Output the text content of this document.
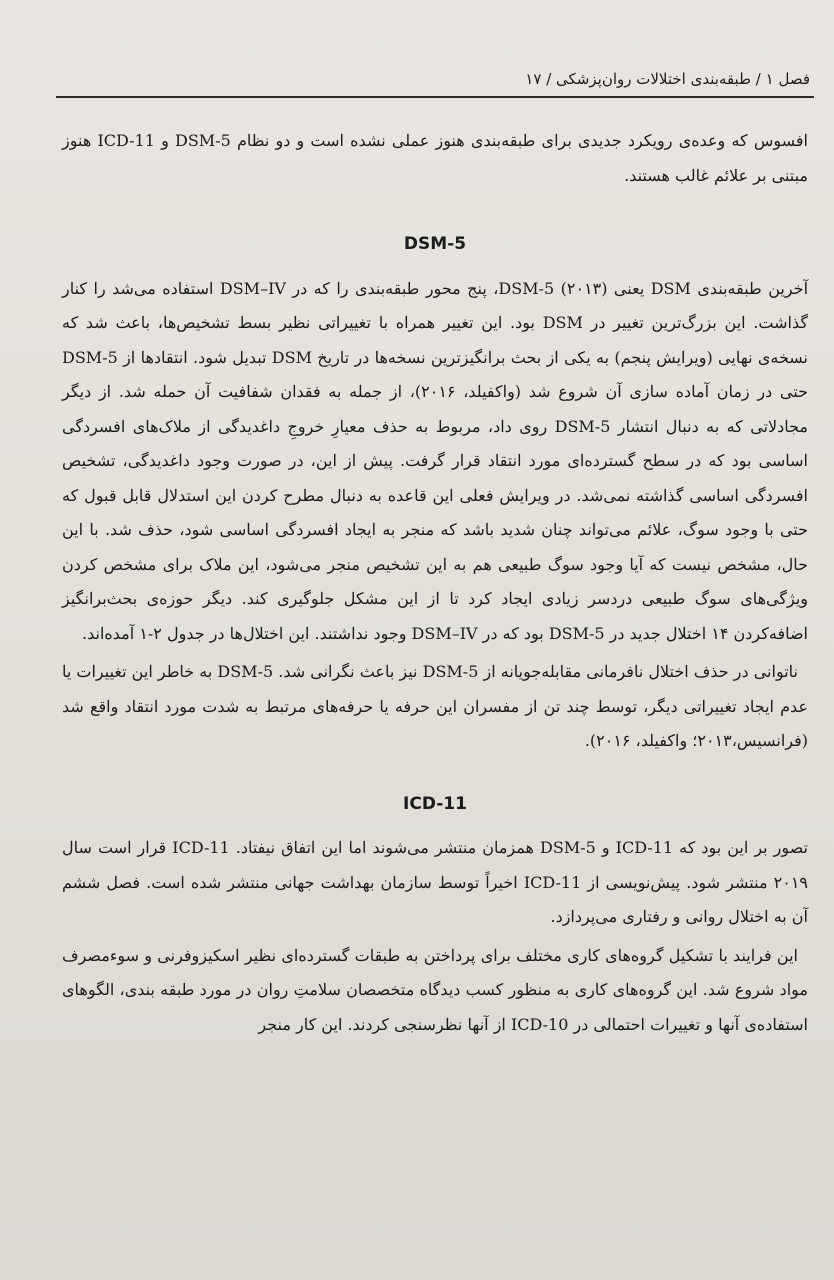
فصل ۱ / طبقه‌بندی اختلالات روان‌پزشکی / ۱۷

افسوس که وعده‌ی رویکرد جدیدی برای طبقه‌بندی هنوز عملی نشده است و دو نظام DSM-5 و ICD-11 هنوز مبتنی بر علائم غالب هستند.

DSM-5

آخرین طبقه‌بندی DSM یعنی DSM-5 (۲۰۱۳)، پنج محور طبقه‌بندی را که در DSM–IV استفاده می‌شد را کنار گذاشت. این بزرگ‌ترین تغییر در DSM بود. این تغییر همراه با تغییراتی نظیر بسط تشخیص‌ها، باعث شد که نسخه‌ی نهایی (ویرایش پنجم) به یکی از بحث برانگیزترین نسخه‌ها در تاریخ DSM تبدیل شود. انتقادها از DSM-5 حتی در زمان آماده سازی آن شروع شد (واکفیلد، ۲۰۱۶)، از جمله به فقدان شفافیت آن حمله شد. از دیگر مجادلاتی که به دنبال انتشار DSM-5 روی داد، مربوط به حذف معیارِ خروجِ داغدیدگی از ملاک‌های افسردگی اساسی بود که در سطح گسترده‌ای مورد انتقاد قرار گرفت. پیش از این، در صورت وجود داغدیدگی، تشخیص افسردگی اساسی گذاشته نمی‌شد. در ویرایش فعلی این قاعده به دنبال مطرح کردن این استدلال قابل قبول که حتی با وجود سوگ، علائم می‌تواند چنان شدید باشد که منجر به ایجاد افسردگی اساسی شود، حذف شد. با این حال، مشخص نیست که آیا وجود سوگ طبیعی هم به این تشخیص منجر می‌شود، این ملاک برای مشخص کردن ویژگی‌های سوگ طبیعی دردسر زیادی ایجاد کرد تا از این مشکل جلوگیری کند. دیگر حوزه‌ی بحث‌برانگیز اضافه‌کردن ۱۴ اختلال جدید در DSM-5 بود که در DSM–IV وجود نداشتند. این اختلال‌ها در جدول ۲-۱ آمده‌اند.

ناتوانی در حذف اختلال نافرمانی مقابله‌جویانه از DSM-5 نیز باعث نگرانی شد. DSM-5 به خاطر این تغییرات یا عدم ایجاد تغییراتی دیگر، توسط چند تن از مفسران این حرفه یا حرفه‌های مرتبط به شدت مورد انتقاد واقع شد (فرانسیس،۲۰۱۳؛ واکفیلد، ۲۰۱۶).

ICD-11

تصور بر این بود که ICD-11 و DSM-5 همزمان منتشر می‌شوند اما این اتفاق نیفتاد. ICD-11 قرار است سال ۲۰۱۹ منتشر شود. پیش‌نویسی از ICD-11 اخیراً توسط سازمان بهداشت جهانی منتشر شده است. فصل ششم آن به اختلال روانی و رفتاری می‌پردازد.

این فرایند با تشکیل گروه‌های کاری مختلف برای پرداختن به طبقات گسترده‌ای نظیر اسکیزوفرنی و سوءمصرف مواد شروع شد. این گروه‌های کاری به منظور کسب دیدگاه متخصصان سلامتِ روان در مورد طبقه بندی، الگوهای استفاده‌ی آنها و تغییرات احتمالی در ICD-10 از آنها نظرسنجی کردند. این کار منجر
